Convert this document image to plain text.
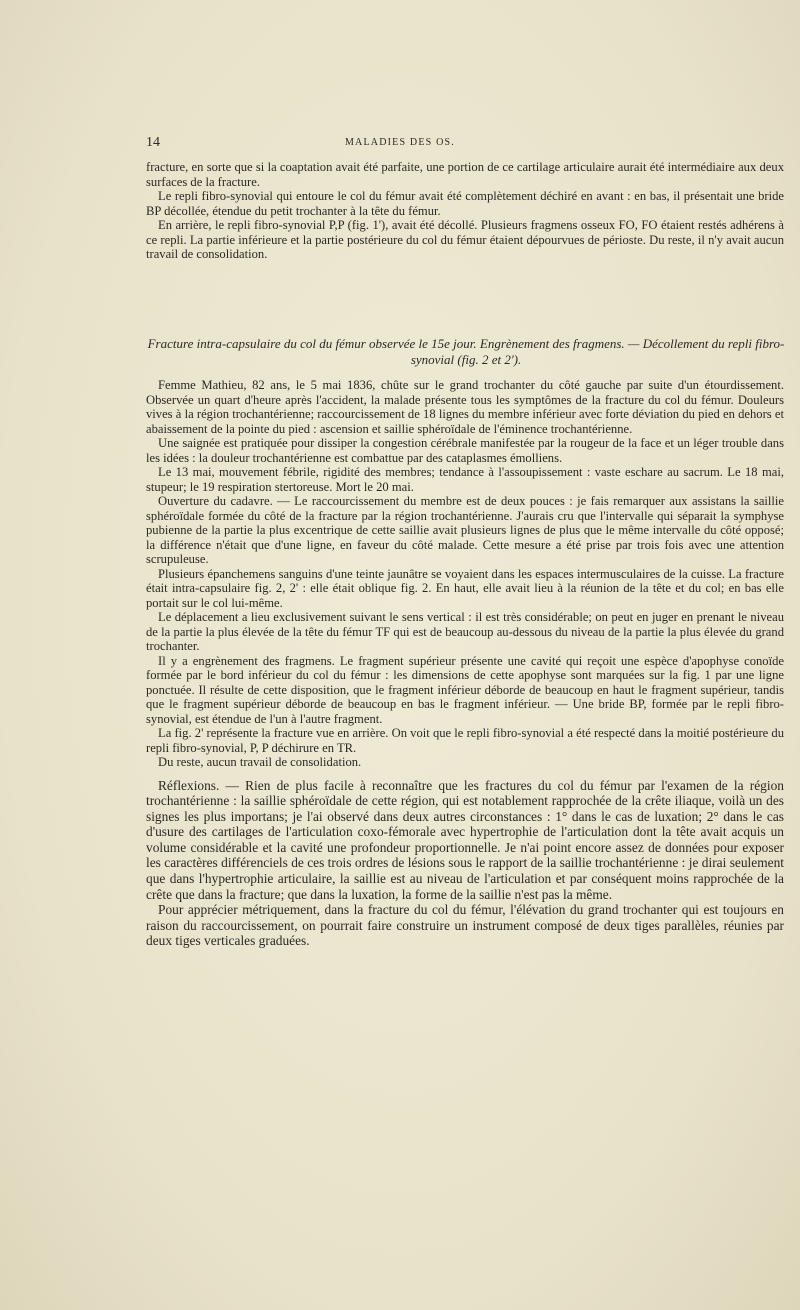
14	MALADIES DES OS.

fracture, en sorte que si la coaptation avait été parfaite, une portion de ce cartilage articulaire aurait été intermédiaire aux deux surfaces de la fracture.

Le repli fibro-synovial qui entoure le col du fémur avait été complètement déchiré en avant : en bas, il présentait une bride BP décollée, étendue du petit trochanter à la tête du fémur.

En arrière, le repli fibro-synovial P,P (fig. 1'), avait été décollé. Plusieurs fragmens osseux FO, FO étaient restés adhérens à ce repli. La partie inférieure et la partie postérieure du col du fémur étaient dépourvues de périoste. Du reste, il n'y avait aucun travail de consolidation.

Fracture intra-capsulaire du col du fémur observée le 15e jour. Engrènement des fragmens. — Décollement du repli fibro-synovial (fig. 2 et 2').

Femme Mathieu, 82 ans, le 5 mai 1836, chûte sur le grand trochanter du côté gauche par suite d'un étourdissement. Observée un quart d'heure après l'accident, la malade présente tous les symptômes de la fracture du col du fémur. Douleurs vives à la région trochantérienne; raccourcissement de 18 lignes du membre inférieur avec forte déviation du pied en dehors et abaissement de la pointe du pied : ascension et saillie sphéroïdale de l'éminence trochantérienne.

Une saignée est pratiquée pour dissiper la congestion cérébrale manifestée par la rougeur de la face et un léger trouble dans les idées : la douleur trochantérienne est combattue par des cataplasmes émolliens.

Le 13 mai, mouvement fébrile, rigidité des membres; tendance à l'assoupissement : vaste eschare au sacrum. Le 18 mai, stupeur; le 19 respiration stertoreuse. Mort le 20 mai.

Ouverture du cadavre. — Le raccourcissement du membre est de deux pouces : je fais remarquer aux assistans la saillie sphéroïdale formée du côté de la fracture par la région trochantérienne. J'aurais cru que l'intervalle qui séparait la symphyse pubienne de la partie la plus excentrique de cette saillie avait plusieurs lignes de plus que le même intervalle du côté opposé; la différence n'était que d'une ligne, en faveur du côté malade. Cette mesure a été prise par trois fois avec une attention scrupuleuse.

Plusieurs épanchemens sanguins d'une teinte jaunâtre se voyaient dans les espaces intermusculaires de la cuisse. La fracture était intra-capsulaire fig. 2, 2' : elle était oblique fig. 2. En haut, elle avait lieu à la réunion de la tête et du col; en bas elle portait sur le col lui-même.

Le déplacement a lieu exclusivement suivant le sens vertical : il est très considérable; on peut en juger en prenant le niveau de la partie la plus élevée de la tête du fémur TF qui est de beaucoup au-dessous du niveau de la partie la plus élevée du grand trochanter.

Il y a engrènement des fragmens. Le fragment supérieur présente une cavité qui reçoit une espèce d'apophyse conoïde formée par le bord inférieur du col du fémur : les dimensions de cette apophyse sont marquées sur la fig. 1 par une ligne ponctuée. Il résulte de cette disposition, que le fragment inférieur déborde de beaucoup en haut le fragment supérieur, tandis que le fragment supérieur déborde de beaucoup en bas le fragment inférieur. — Une bride BP, formée par le repli fibro-synovial, est étendue de l'un à l'autre fragment.

La fig. 2' représente la fracture vue en arrière. On voit que le repli fibro-synovial a été respecté dans la moitié postérieure du repli fibro-synovial, P, P déchirure en TR.

Du reste, aucun travail de consolidation.

Réflexions. — Rien de plus facile à reconnaître que les fractures du col du fémur par l'examen de la région trochantérienne : la saillie sphéroïdale de cette région, qui est notablement rapprochée de la crête iliaque, voilà un des signes les plus importans; je l'ai observé dans deux autres circonstances : 1° dans le cas de luxation; 2° dans le cas d'usure des cartilages de l'articulation coxo-fémorale avec hypertrophie de l'articulation dont la tête avait acquis un volume considérable et la cavité une profondeur proportionnelle. Je n'ai point encore assez de données pour exposer les caractères différenciels de ces trois ordres de lésions sous le rapport de la saillie trochantérienne : je dirai seulement que dans l'hypertrophie articulaire, la saillie est au niveau de l'articulation et par conséquent moins rapprochée de la crête que dans la fracture; que dans la luxation, la forme de la saillie n'est pas la même.

Pour apprécier métriquement, dans la fracture du col du fémur, l'élévation du grand trochanter qui est toujours en raison du raccourcissement, on pourrait faire construire un instrument composé de deux tiges parallèles, réunies par deux tiges verticales graduées.
